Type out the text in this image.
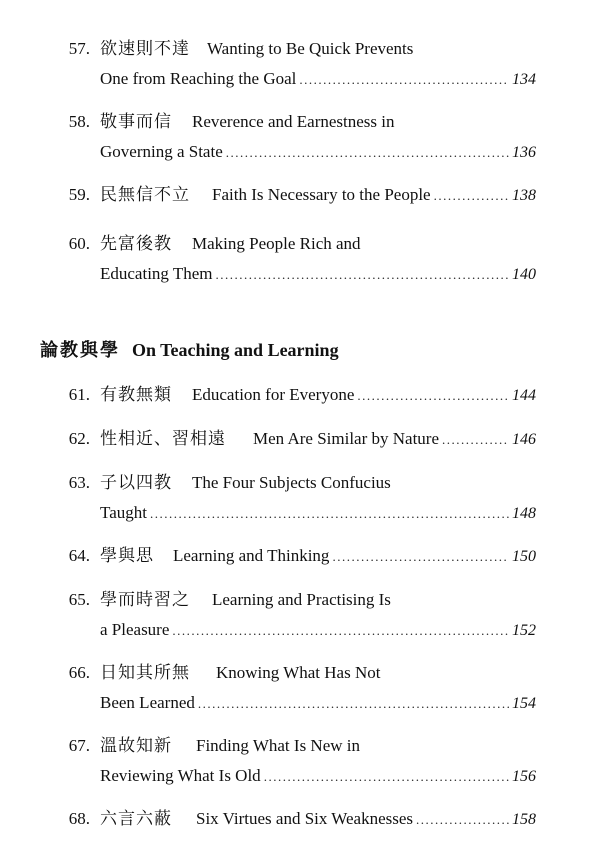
57. 欲速則不達 Wanting to Be Quick Prevents
One from Reaching the Goal .....	134
58. 敬事而信 Reverence and Earnestness in
Governing a State .....	136
59. 民無信不立 Faith Is Necessary to the People .....	138
60. 先富後教 Making People Rich and
Educating Them .....	140
論教與學 On Teaching and Learning
61. 有教無類 Education for Everyone .....	144
62. 性相近、習相遠 Men Are Similar by Nature .....	146
63. 子以四教 The Four Subjects Confucius
Taught .....	148
64. 學與思 Learning and Thinking .....	150
65. 學而時習之 Learning and Practising Is
a Pleasure .....	152
66. 日知其所無 Knowing What Has Not
Been Learned .....	154
67. 溫故知新 Finding What Is New in
Reviewing What Is Old .....	156
68. 六言六蔽 Six Virtues and Six Weaknesses .....	158
